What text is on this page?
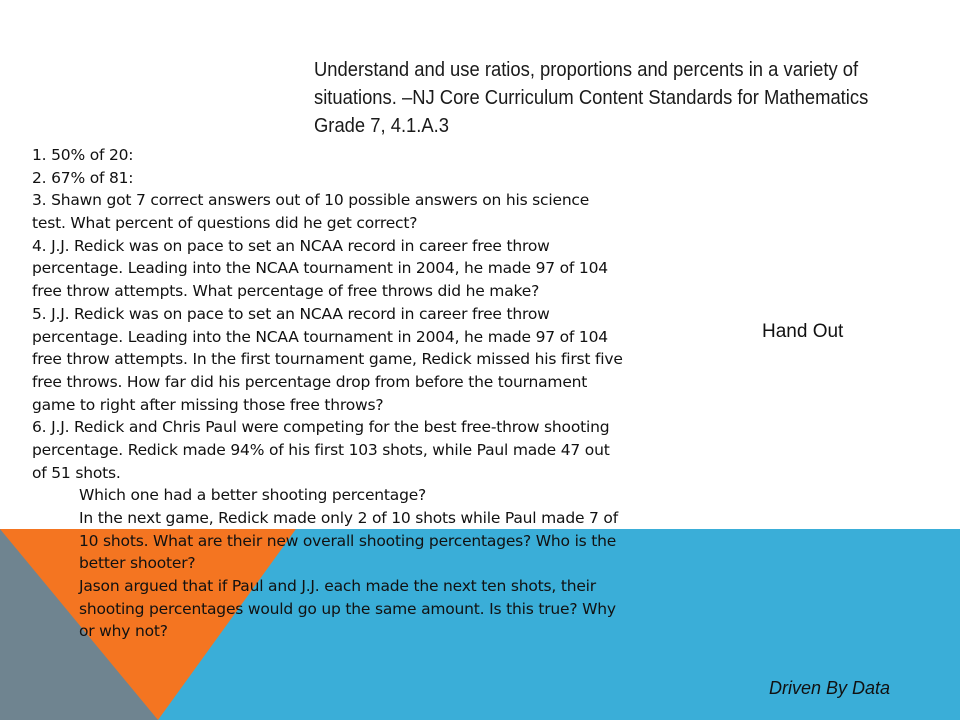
Understand and use ratios, proportions and percents in a variety of
situations. –NJ Core Curriculum Content Standards for Mathematics
Grade 7, 4.1.A.3
1. 50% of 20:
2. 67% of 81:
3. Shawn got 7 correct answers out of 10 possible answers on his science
test. What percent of questions did he get correct?
4. J.J. Redick was on pace to set an NCAA record in career free throw
percentage. Leading into the NCAA tournament in 2004, he made 97 of 104
free throw attempts. What percentage of free throws did he make?
5. J.J. Redick was on pace to set an NCAA record in career free throw
percentage. Leading into the NCAA tournament in 2004, he made 97 of 104
free throw attempts. In the first tournament game, Redick missed his first five
free throws. How far did his percentage drop from before the tournament
game to right after missing those free throws?
6. J.J. Redick and Chris Paul were competing for the best free-throw shooting
percentage. Redick made 94% of his first 103 shots, while Paul made 47 out
of 51 shots.
Which one had a better shooting percentage?
In the next game, Redick made only 2 of 10 shots while Paul made 7 of
10 shots. What are their new overall shooting percentages? Who is the
better shooter?
Jason argued that if Paul and J.J. each made the next ten shots, their
shooting percentages would go up the same amount. Is this true? Why
or why not?
Hand Out
Driven By Data
